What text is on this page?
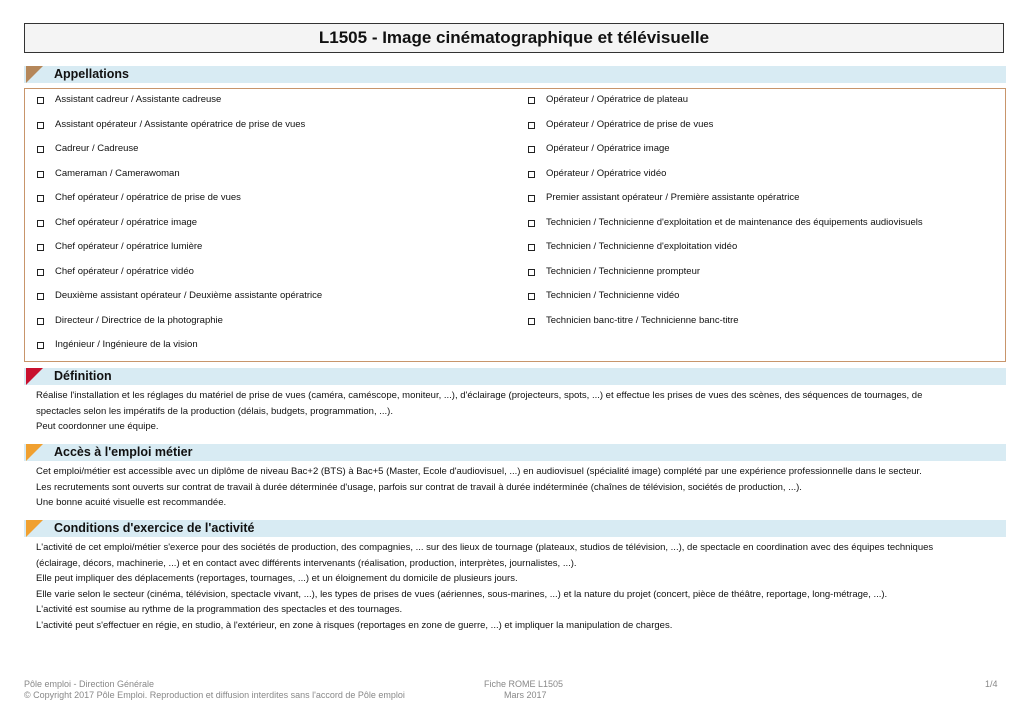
L1505 - Image cinématographique et télévisuelle
Appellations
Assistant cadreur / Assistante cadreuse
Assistant opérateur / Assistante opératrice de prise de vues
Cadreur / Cadreuse
Cameraman / Camerawoman
Chef opérateur / opératrice de prise de vues
Chef opérateur / opératrice image
Chef opérateur / opératrice lumière
Chef opérateur / opératrice vidéo
Deuxième assistant opérateur / Deuxième assistante opératrice
Directeur / Directrice de la photographie
Ingénieur / Ingénieure de la vision
Opérateur / Opératrice de plateau
Opérateur / Opératrice de prise de vues
Opérateur / Opératrice image
Opérateur / Opératrice vidéo
Premier assistant opérateur / Première assistante opératrice
Technicien / Technicienne d'exploitation et de maintenance des équipements audiovisuels
Technicien / Technicienne d'exploitation vidéo
Technicien / Technicienne prompteur
Technicien / Technicienne vidéo
Technicien banc-titre / Technicienne banc-titre
Définition
Réalise l'installation et les réglages du matériel de prise de vues (caméra, caméscope, moniteur, ...), d'éclairage (projecteurs, spots, ...) et effectue les prises de vues des scènes, des séquences de tournages, de
spectacles selon les impératifs de la production (délais, budgets, programmation, ...).
Peut coordonner une équipe.
Accès à l'emploi métier
Cet emploi/métier est accessible avec un diplôme de niveau Bac+2 (BTS) à Bac+5 (Master, Ecole d'audiovisuel, ...) en audiovisuel (spécialité image) complété par une expérience professionnelle dans le secteur.
Les recrutements sont ouverts sur contrat de travail à durée déterminée d'usage, parfois sur contrat de travail à durée indéterminée (chaînes de télévision, sociétés de production, ...).
Une bonne acuité visuelle est recommandée.
Conditions d'exercice de l'activité
L'activité de cet emploi/métier s'exerce pour des sociétés de production, des compagnies, ... sur des lieux de tournage (plateaux, studios de télévision, ...), de spectacle en coordination avec des équipes techniques
(éclairage, décors, machinerie, ...) et en contact avec différents intervenants (réalisation, production, interprètes, journalistes, ...).
Elle peut impliquer des déplacements (reportages, tournages, ...) et un éloignement du domicile de plusieurs jours.
Elle varie selon le secteur (cinéma, télévision, spectacle vivant, ...), les types de prises de vues (aériennes, sous-marines, ...) et la nature du projet (concert, pièce de théâtre, reportage, long-métrage, ...).
L'activité est soumise au rythme de la programmation des spectacles et des tournages.
L'activité peut s'effectuer en régie, en studio, à l'extérieur, en zone à risques (reportages en zone de guerre, ...) et impliquer la manipulation de charges.
Pôle emploi - Direction Générale
© Copyright 2017 Pôle Emploi. Reproduction et diffusion interdites sans l'accord de Pôle emploi
Fiche ROME L1505
Mars 2017
1/4
